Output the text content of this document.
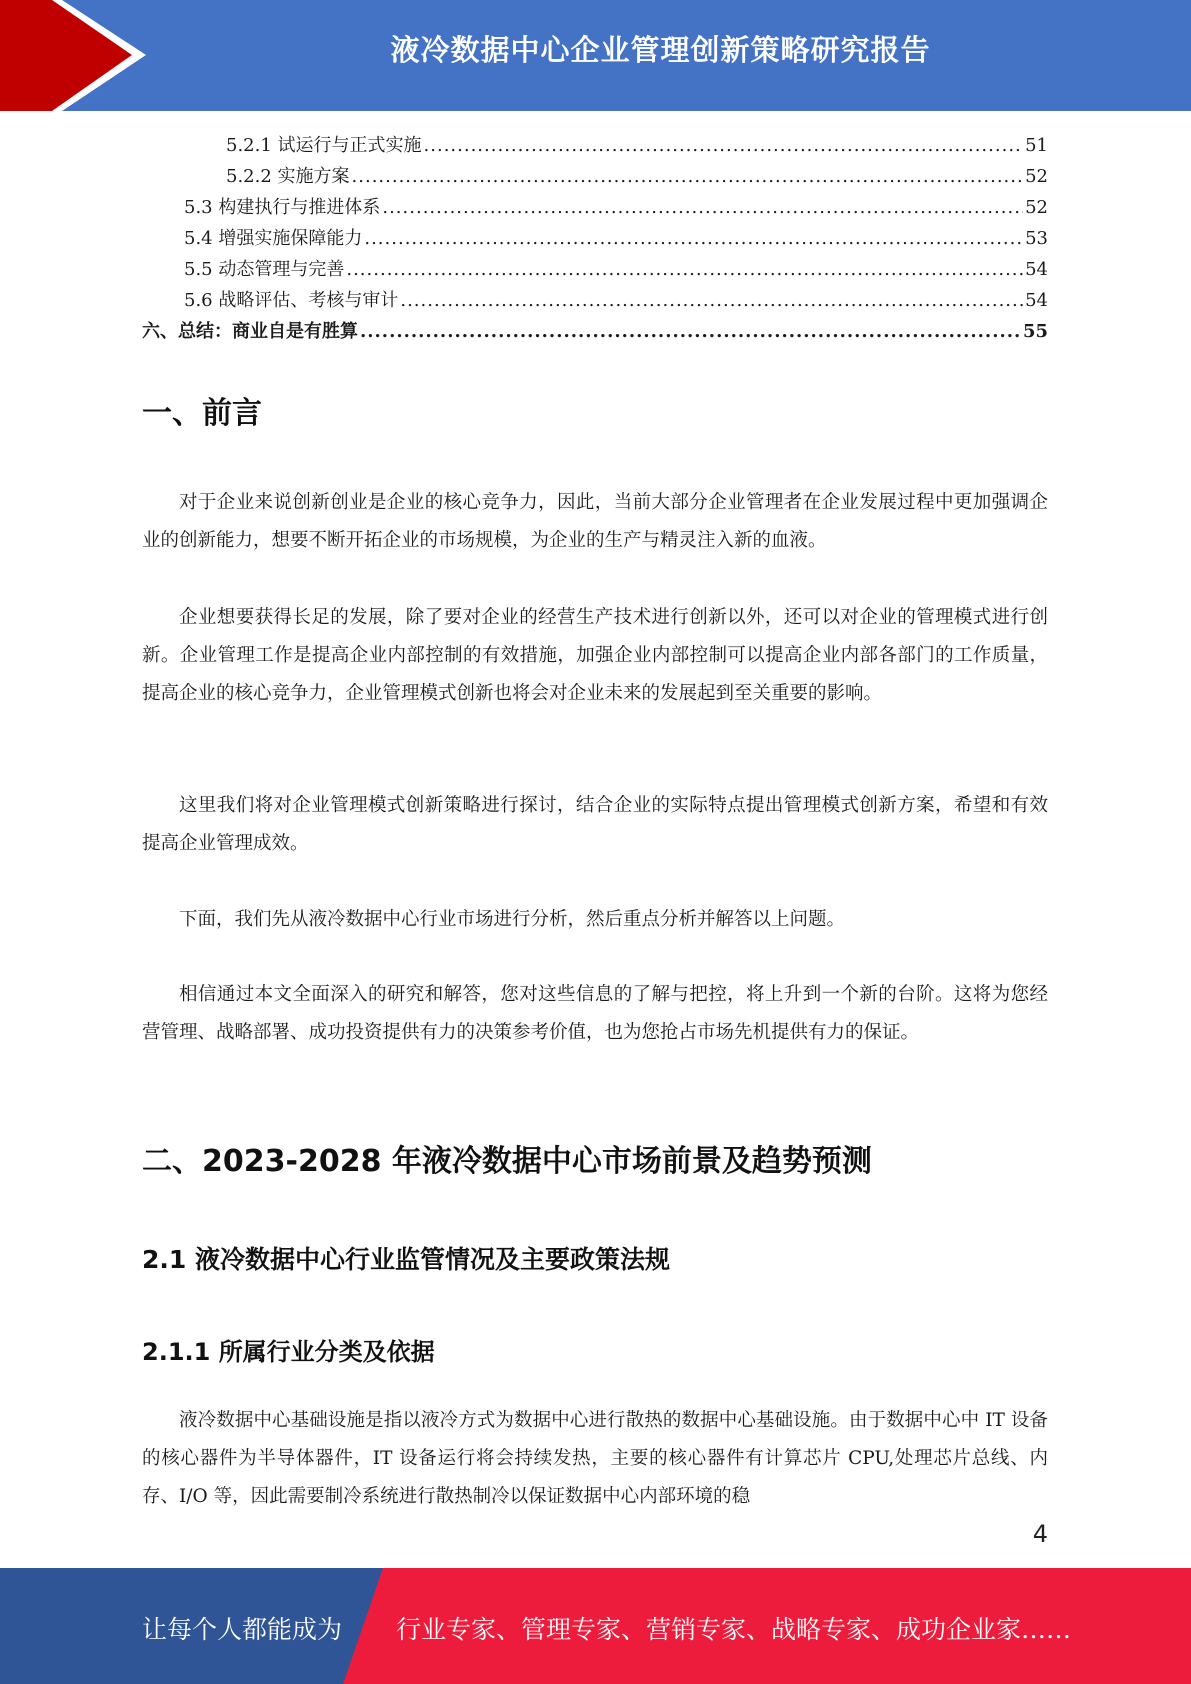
液冷数据中心企业管理创新策略研究报告
5.2.1 试运行与正式实施 .....	51
5.2.2 实施方案 .....	52
5.3 构建执行与推进体系 .....	52
5.4 增强实施保障能力 .....	53
5.5 动态管理与完善 .....	54
5.6 战略评估、考核与审计 .....	54
六、总结：商业自是有胜算 .....	55
一、前言
对于企业来说创新创业是企业的核心竞争力，因此，当前大部分企业管理者在企业发展过程中更加强调企业的创新能力，想要不断开拓企业的市场规模，为企业的生产与精灵注入新的血液。
企业想要获得长足的发展，除了要对企业的经营生产技术进行创新以外，还可以对企业的管理模式进行创新。企业管理工作是提高企业内部控制的有效措施，加强企业内部控制可以提高企业内部各部门的工作质量，提高企业的核心竞争力，企业管理模式创新也将会对企业未来的发展起到至关重要的影响。
这里我们将对企业管理模式创新策略进行探讨，结合企业的实际特点提出管理模式创新方案，希望和有效提高企业管理成效。
下面，我们先从液冷数据中心行业市场进行分析，然后重点分析并解答以上问题。
相信通过本文全面深入的研究和解答，您对这些信息的了解与把控，将上升到一个新的台阶。这将为您经营管理、战略部署、成功投资提供有力的决策参考价值，也为您抢占市场先机提供有力的保证。
二、2023-2028 年液冷数据中心市场前景及趋势预测
2.1 液冷数据中心行业监管情况及主要政策法规
2.1.1 所属行业分类及依据
液冷数据中心基础设施是指以液冷方式为数据中心进行散热的数据中心基础设施。由于数据中心中 IT 设备的核心器件为半导体器件，IT 设备运行将会持续发热，主要的核心器件有计算芯片 CPU,处理芯片总线、内存、I/O 等，因此需要制冷系统进行散热制冷以保证数据中心内部环境的稳
4
让每个人都能成为 行业专家、管理专家、营销专家、战略专家、成功企业家……
